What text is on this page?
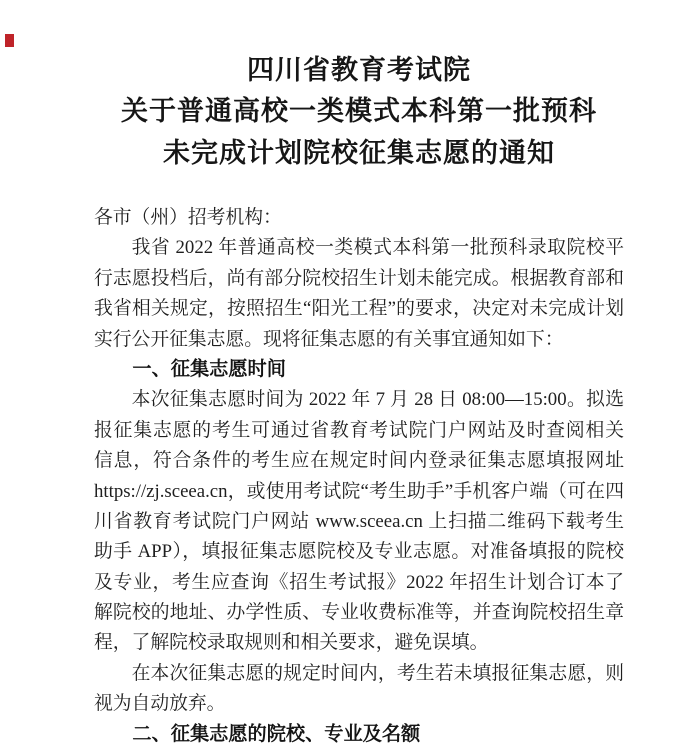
四川省教育考试院
关于普通高校一类模式本科第一批预科
未完成计划院校征集志愿的通知
各市（州）招考机构：
我省 2022 年普通高校一类模式本科第一批预科录取院校平
行志愿投档后，尚有部分院校招生计划未能完成。根据教育部和
我省相关规定，按照招生“阳光工程”的要求，决定对未完成计划
实行公开征集志愿。现将征集志愿的有关事宜通知如下：
一、征集志愿时间
本次征集志愿时间为 2022 年 7 月 28 日 08:00—15:00。拟选
报征集志愿的考生可通过省教育考试院门户网站及时查阅相关
信息，符合条件的考生应在规定时间内登录征集志愿填报网址
https://zj.sceea.cn，或使用考试院“考生助手”手机客户端（可在四
川省教育考试院门户网站 www.sceea.cn 上扫描二维码下载考生
助手 APP），填报征集志愿院校及专业志愿。对准备填报的院校
及专业，考生应查询《招生考试报》2022 年招生计划合订本了
解院校的地址、办学性质、专业收费标准等，并查询院校招生章
程，了解院校录取规则和相关要求，避免误填。
在本次征集志愿的规定时间内，考生若未填报征集志愿，则
视为自动放弃。
二、征集志愿的院校、专业及名额
